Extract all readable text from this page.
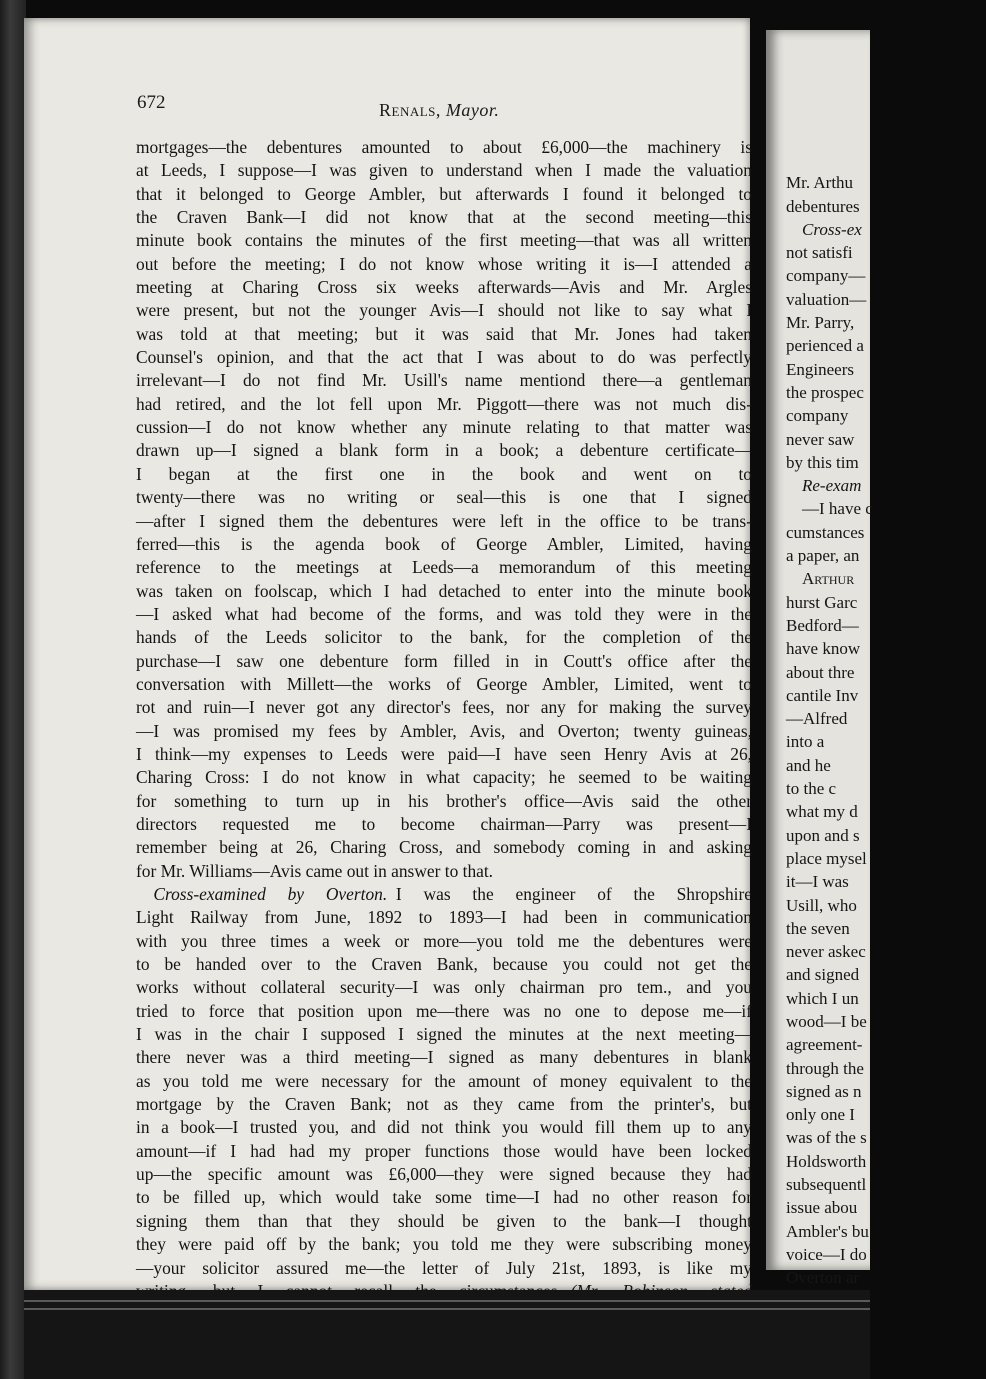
672	Renals, Mayor.
mortgages—the debentures amounted to about £6,000—the machinery is
at Leeds, I suppose—I was given to understand when I made the valuation
that it belonged to George Ambler, but afterwards I found it belonged to
the Craven Bank—I did not know that at the second meeting—this
minute book contains the minutes of the first meeting—that was all written
out before the meeting; I do not know whose writing it is—I attended a
meeting at Charing Cross six weeks afterwards—Avis and Mr. Argles
were present, but not the younger Avis—I should not like to say what I
was told at that meeting; but it was said that Mr. Jones had taken
Counsel's opinion, and that the act that I was about to do was perfectly
irrelevant—I do not find Mr. Usill's name mentiond there—a gentleman
had retired, and the lot fell upon Mr. Piggott—there was not much dis-
cussion—I do not know whether any minute relating to that matter was
drawn up—I signed a blank form in a book; a debenture certificate—
I began at the first one in the book and went on to
twenty—there was no writing or seal—this is one that I signed
—after I signed them the debentures were left in the office to be trans-
ferred—this is the agenda book of George Ambler, Limited, having
reference to the meetings at Leeds—a memorandum of this meeting
was taken on foolscap, which I had detached to enter into the minute book
—I asked what had become of the forms, and was told they were in the
hands of the Leeds solicitor to the bank, for the completion of the
purchase—I saw one debenture form filled in in Coutt's office after the
conversation with Millett—the works of George Ambler, Limited, went to
rot and ruin—I never got any director's fees, nor any for making the survey
—I was promised my fees by Ambler, Avis, and Overton; twenty guineas,
I think—my expenses to Leeds were paid—I have seen Henry Avis at 26,
Charing Cross: I do not know in what capacity; he seemed to be waiting
for something to turn up in his brother's office—Avis said the other
directors requested me to become chairman—Parry was present—I
remember being at 26, Charing Cross, and somebody coming in and asking
for Mr. Williams—Avis came out in answer to that.
 Cross-examined by Overton.  I was the engineer of the Shropshire
Light Railway from June, 1892 to 1893—I had been in communication
with you three times a week or more—you told me the debentures were
to be handed over to the Craven Bank, because you could not get the
works without collateral security—I was only chairman pro tem., and you
tried to force that position upon me—there was no one to depose me—if
I was in the chair I supposed I signed the minutes at the next meeting—
there never was a third meeting—I signed as many debentures in blank
as you told me were necessary for the amount of money equivalent to the
mortgage by the Craven Bank; not as they came from the printer's, but
in a book—I trusted you, and did not think you would fill them up to any
amount—if I had had my proper functions those would have been locked
up—the specific amount was £6,000—they were signed because they had
to be filled up, which would take some time—I had no other reason for
signing them than that they should be given to the bank—I thought
they were paid off by the bank; you told me they were subscribing money
—your solicitor assured me—the letter of July 21st, 1893, is like my

Mr. Arthu
debentures
Cross-ex
not satisfi
company—
valuation—
Mr. Parry,
perienced a
Engineers
the prospec
company
never saw
by this tim
Re-exam
—I have c
cumstances
a paper, an
Arthur
hurst Garc
Bedford—
have know
about thre
cantile Inv
—Alfred
into a
and he
to the c
what my d
upon and s
place mysel
it—I was
Usill, who
the seven
never askec
and signed
which I un
wood—I be
agreement-
through the
signed as n
only one I
was of the s
Holdsworth
subsequentl
issue abou
Ambler's bu
voice—I do
Overton ar
